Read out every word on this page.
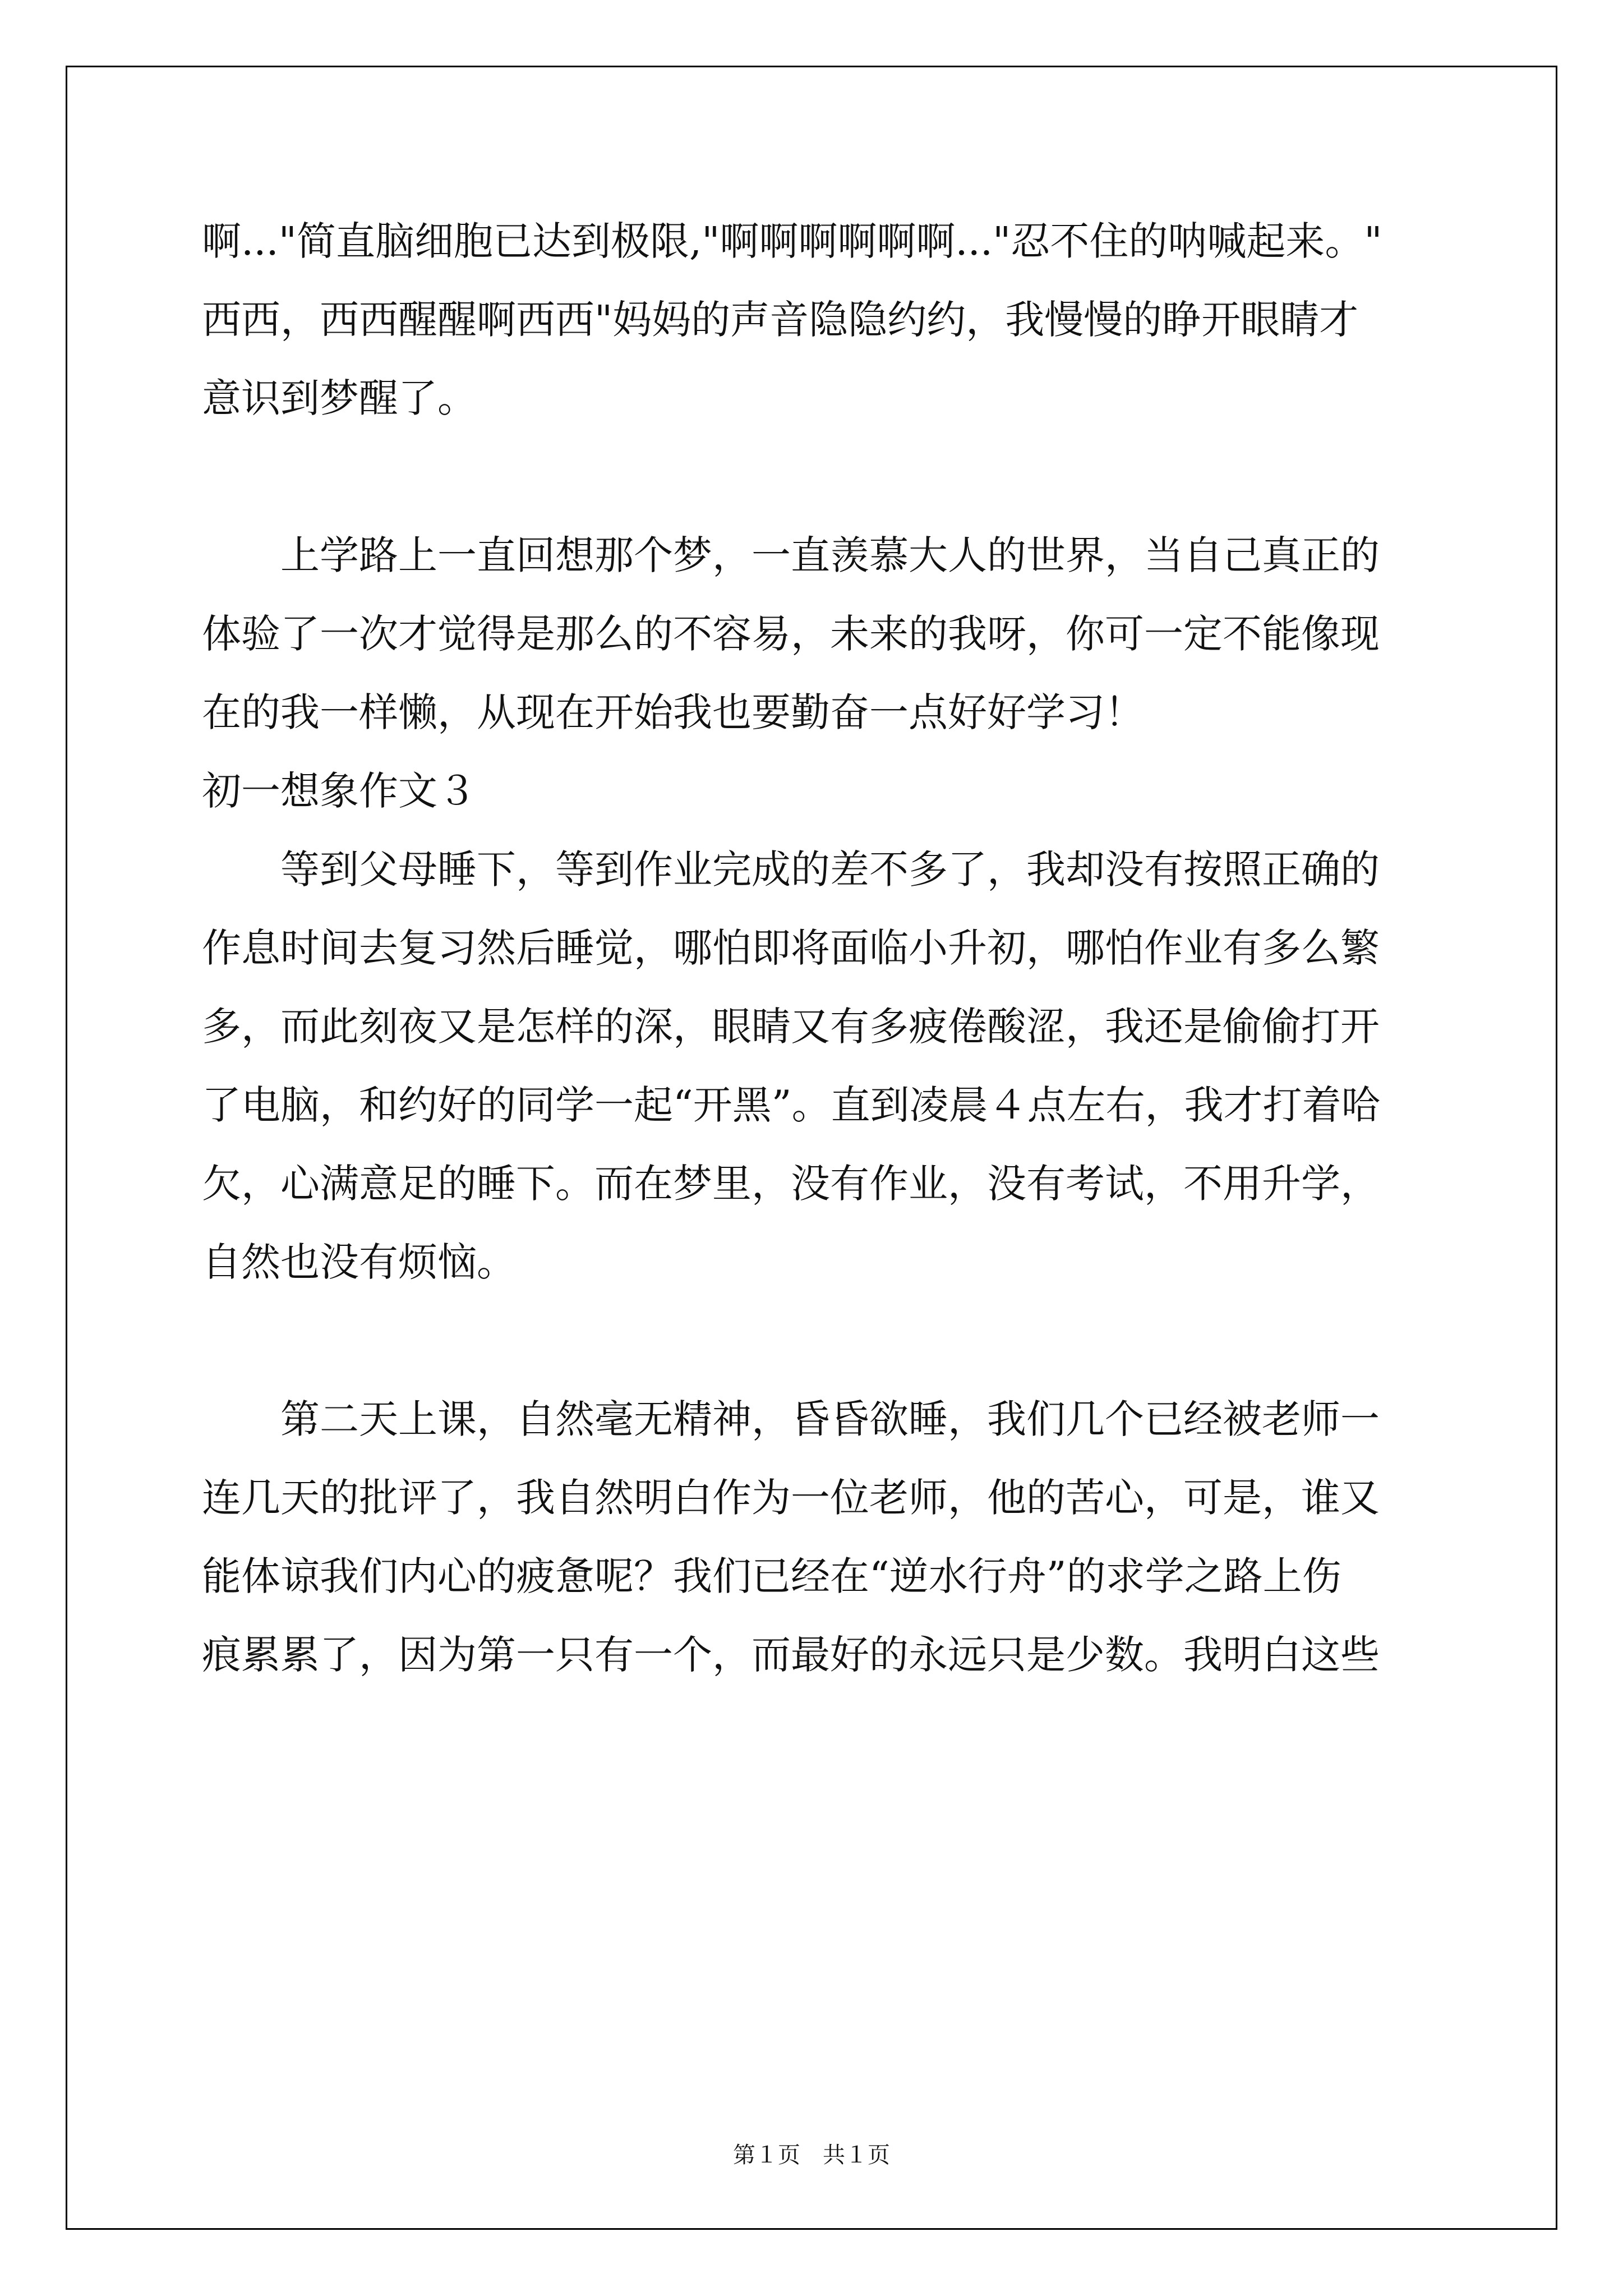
啊..."简直脑细胞已达到极限,"啊啊啊啊啊啊..."忍不住的呐喊起来。"

西西，西西醒醒啊西西"妈妈的声音隐隐约约，我慢慢的睁开眼睛才

意识到梦醒了。

　　上学路上一直回想那个梦，一直羡慕大人的世界，当自己真正的

体验了一次才觉得是那么的不容易，未来的我呀，你可一定不能像现

在的我一样懒，从现在开始我也要勤奋一点好好学习！

初一想象作文３

　　等到父母睡下，等到作业完成的差不多了，我却没有按照正确的

作息时间去复习然后睡觉，哪怕即将面临小升初，哪怕作业有多么繁

多，而此刻夜又是怎样的深，眼睛又有多疲倦酸涩，我还是偷偷打开

了电脑，和约好的同学一起“开黑”。直到凌晨４点左右，我才打着哈

欠，心满意足的睡下。而在梦里，没有作业，没有考试，不用升学，

自然也没有烦恼。

　　第二天上课，自然毫无精神，昏昏欲睡，我们几个已经被老师一

连几天的批评了，我自然明白作为一位老师，他的苦心，可是，谁又

能体谅我们内心的疲惫呢？我们已经在“逆水行舟”的求学之路上伤

痕累累了，因为第一只有一个，而最好的永远只是少数。我明白这些

第１页　共１页
